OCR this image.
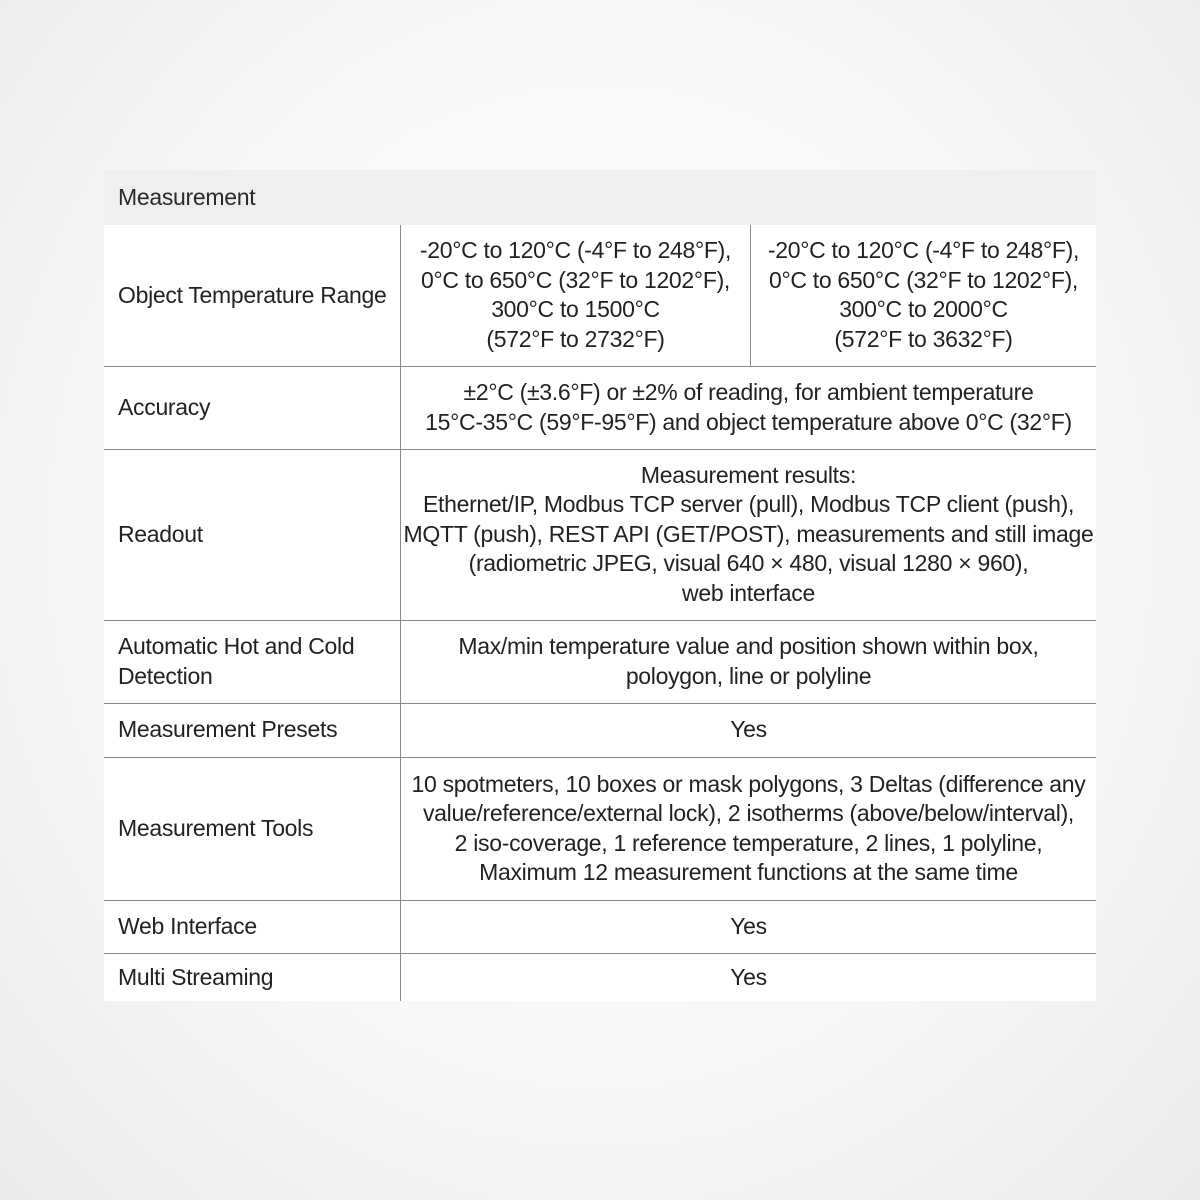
Measurement
Object Temperature Range	-20°C to 120°C (-4°F to 248°F),
0°C to 650°C (32°F to 1202°F),
300°C to 1500°C
(572°F to 2732°F)	-20°C to 120°C (-4°F to 248°F),
0°C to 650°C (32°F to 1202°F),
300°C to 2000°C
(572°F to 3632°F)

Accuracy	±2°C (±3.6°F) or ±2% of reading, for ambient temperature
15°C-35°C (59°F-95°F) and object temperature above 0°C (32°F)	

Readout	Measurement results:
Ethernet/IP, Modbus TCP server (pull), Modbus TCP client (push),
MQTT (push), REST API (GET/POST), measurements and still image
(radiometric JPEG, visual 640 × 480, visual 1280 × 960),
web interface	

Automatic Hot and Cold
Detection	Max/min temperature value and position shown within box,
poloygon, line or polyline	

Measurement Presets	Yes	
Measurement Tools	10 spotmeters, 10 boxes or mask polygons, 3 Deltas (difference any
value/reference/external lock), 2 isotherms (above/below/interval),
2 iso-coverage, 1 reference temperature, 2 lines, 1 polyline,
Maximum 12 measurement functions at the same time	

Web Interface	Yes	
Multi Streaming	Yes	
